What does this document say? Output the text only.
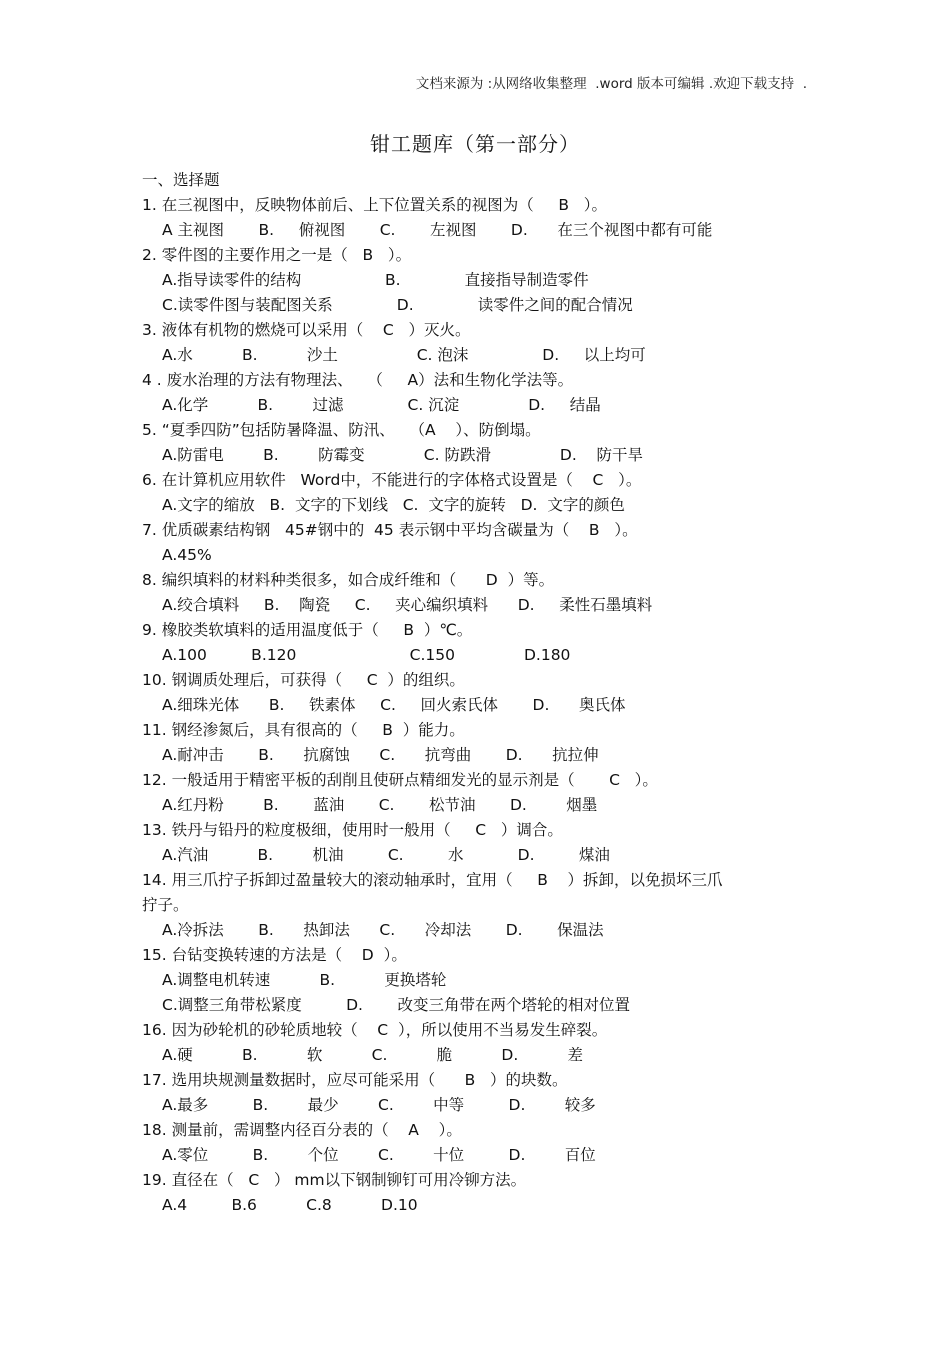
文档来源为 :从网络收集整理  .word 版本可编辑 .欢迎下载支持  .
钳工题库（第一部分）
一、选择题
1. 在三视图中，反映物体前后、上下位置关系的视图为（     B   ）。
A 主视图       B.     俯视图       C.       左视图       D.      在三个视图中都有可能
2. 零件图的主要作用之一是（   B   ）。
A.指导读零件的结构                 B.             直接指导制造零件
C.读零件图与装配图关系             D.             读零件之间的配合情况
3. 液体有机物的燃烧可以采用（    C   ）灭火。
A.水          B.          沙土                C. 泡沫               D.     以上均可
4 . 废水治理的方法有物理法、   （     A）法和生物化学法等。
A.化学          B.        过滤             C. 沉淀              D.     结晶
5. “夏季四防”包括防暑降温、防汛、   （A    ）、防倒塌。
A.防雷电        B.        防霉变            C. 防跌滑              D.    防干旱
6. 在计算机应用软件   Word中，不能进行的字体格式设置是（    C   ）。
A.文字的缩放   B.  文字的下划线   C.  文字的旋转   D.  文字的颜色
7. 优质碳素结构钢   45#钢中的  45 表示钢中平均含碳量为（    B   ）。
A.45%
8. 编织填料的材料种类很多，如合成纤维和（      D  ）等。
A.绞合填料     B.    陶瓷     C.     夹心编织填料      D.     柔性石墨填料
9. 橡胶类软填料的适用温度低于（     B  ）℃。
A.100         B.120                       C.150              D.180
10. 钢调质处理后，可获得（     C  ）的组织。
A.细珠光体      B.     铁素体     C.     回火索氏体       D.      奥氏体
11. 钢经渗氮后，具有很高的（     B  ）能力。
A.耐冲击       B.      抗腐蚀      C.      抗弯曲       D.      抗拉伸
12. 一般适用于精密平板的刮削且使研点精细发光的显示剂是（       C   ）。
A.红丹粉        B.       蓝油       C.       松节油       D.        烟墨
13. 铁丹与铅丹的粒度极细，使用时一般用（     C   ）调合。
A.汽油          B.        机油         C.         水           D.         煤油
14. 用三爪拧子拆卸过盈量较大的滚动轴承时，宜用（     B    ）拆卸，以免损坏三爪
拧子。
A.冷拆法       B.      热卸法      C.      冷却法       D.       保温法
15. 台钻变换转速的方法是（    D  ）。
A.调整电机转速          B.          更换塔轮
C.调整三角带松紧度         D.       改变三角带在两个塔轮的相对位置
16. 因为砂轮机的砂轮质地较（    C  ），所以使用不当易发生碎裂。
A.硬          B.          软          C.          脆          D.          差
17. 选用块规测量数据时，应尽可能采用（      B   ）的块数。
A.最多         B.        最少        C.        中等         D.        较多
18. 测量前，需调整内径百分表的（    A    ）。
A.零位         B.        个位        C.        十位         D.        百位
19. 直径在（   C   ） mm以下钢制铆钉可用冷铆方法。
A.4         B.6          C.8          D.10
